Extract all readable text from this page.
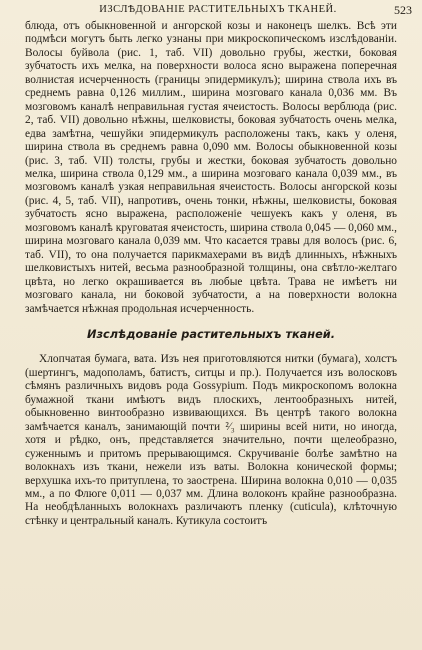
ИЗСЛѢДОВАНІЕ РАСТИТЕЛЬНЫХЪ ТКАНЕЙ.	523

блюда, отъ обыкновенной и ангорской козы и наконецъ шелкъ. Всѣ эти подмѣси могутъ быть легко узнаны при микроскопическомъ изслѣдованіи. Волосы буйвола (рис. 1, таб. VII) довольно грубы, жестки, боковая зубчатость ихъ мелка, на поверхности волоса ясно выражена поперечная волнистая исчерченность (границы эпидермикулъ); ширина ствола ихъ въ среднемъ равна 0,126 миллим., ширина мозговаго канала 0,036 мм. Въ мозговомъ каналѣ неправильная густая ячеистость. Волосы верблюда (рис. 2, таб. VII) довольно нѣжны, шелковисты, боковая зубчатость очень мелка, едва замѣтна, чешуйки эпидермикулъ расположены такъ, какъ у оленя, ширина ствола въ среднемъ равна 0,090 мм. Волосы обыкновенной козы (рис. 3, таб. VII) толсты, грубы и жестки, боковая зубчатость довольно мелка, ширина ствола 0,129 мм., а ширина мозговаго канала 0,039 мм., въ мозговомъ каналѣ узкая неправильная ячеистость. Волосы ангорской козы (рис. 4, 5, таб. VII), напротивъ, очень тонки, нѣжны, шелковисты, боковая зубчатость ясно выражена, расположеніе чешуекъ какъ у оленя, въ мозговомъ каналѣ круговатая ячеистость, ширина ствола 0,045 — 0,060 мм., ширина мозговаго канала 0,039 мм. Что касается травы для волосъ (рис. 6, таб. VII), то она получается парикмахерами въ видѣ длинныхъ, нѣжныхъ шелковистыхъ нитей, весьма разнообразной толщины, она свѣтло-желтаго цвѣта, но легко окрашивается въ любые цвѣта. Трава не имѣетъ ни мозговаго канала, ни боковой зубчатости, а на поверхности волокна замѣчается нѣжная продольная исчерченность.

Изслѣдованіе растительныхъ тканей.

Хлопчатая бумага, вата. Изъ нея приготовляются нитки (бумага), холстъ (шертингъ, мадополамъ, батистъ, ситцы и пр.). Получается изъ волосковъ сѣмянъ различныхъ видовъ рода Gossypium. Подъ микроскопомъ волокна бумажной ткани имѣютъ видъ плоскихъ, лентообразныхъ нитей, обыкновенно винтообразно извивающихся. Въ центрѣ такого волокна замѣчается каналъ, занимающій почти ²⁄₃ ширины всей нити, но иногда, хотя и рѣдко, онъ, представляется значительно, почти щелеобразно, суженнымъ и притомъ прерывающимся. Скручиваніе болѣе замѣтно на волокнахъ изъ ткани, нежели изъ ваты. Волокна конической формы; верхушка ихъ-то притуплена, то заострена. Ширина волокна 0,010 — 0,035 мм., а по Флюге 0,011 — 0,037 мм. Длина волоконъ крайне разнообразна. На необдѣланныхъ волокнахъ различаютъ пленку (cuticula), клѣточную стѣнку и центральный каналъ. Кутикула состоитъ
